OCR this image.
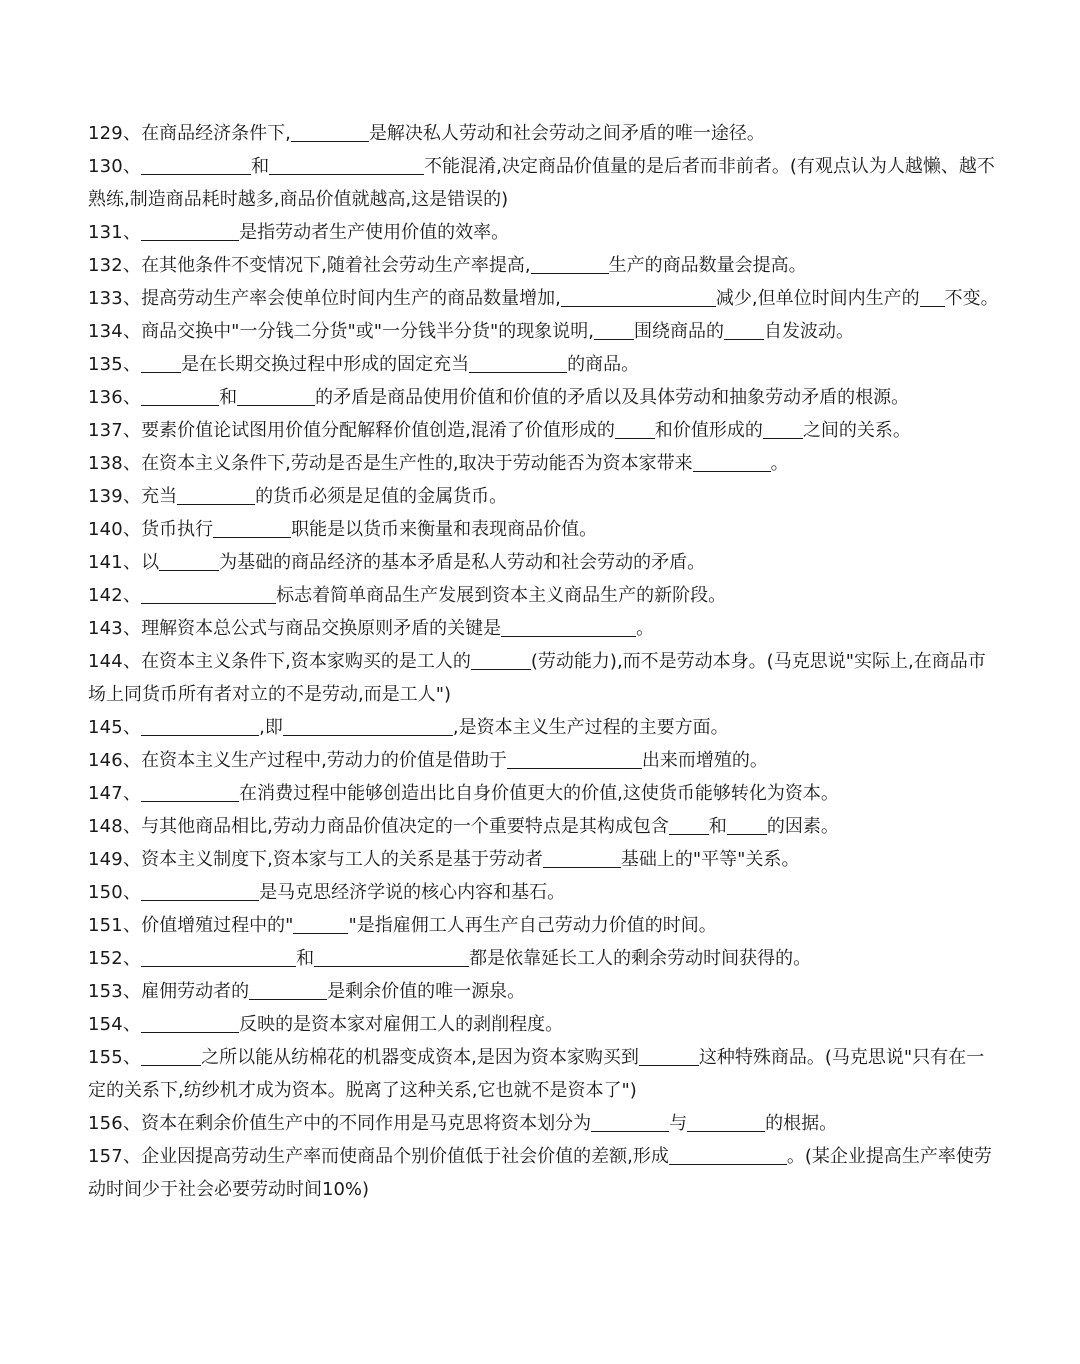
129、在商品经济条件下,	是解决私人劳动和社会劳动之间矛盾的唯一途径。

130、	和	不能混淆,决定商品价值量的是后者而非前者。(有观点认为人越懒、越不熟练,制造商品耗时越多,商品价值就越高,这是错误的)

131、	是指劳动者生产使用价值的效率。

132、在其他条件不变情况下,随着社会劳动生产率提高,	生产的商品数量会提高。

133、提高劳动生产率会使单位时间内生产的商品数量增加,	减少,但单位时间内生产的 不变。

134、商品交换中"一分钱二分货"或"一分钱半分货"的现象说明, 围绕商品的 自发波动。

135、 是在长期交换过程中形成的固定充当	的商品。

136、	和	的矛盾是商品使用价值和价值的矛盾以及具体劳动和抽象劳动矛盾的根源。

137、要素价值论试图用价值分配解释价值创造,混淆了价值形成的 和价值形成的 之间的关系。

138、在资本主义条件下,劳动是否是生产性的,取决于劳动能否为资本家带来	。

139、充当	的货币必须是足值的金属货币。

140、货币执行	职能是以货币来衡量和表现商品价值。

141、以	为基础的商品经济的基本矛盾是私人劳动和社会劳动的矛盾。

142、	标志着简单商品生产发展到资本主义商品生产的新阶段。

143、理解资本总公式与商品交换原则矛盾的关键是	。

144、在资本主义条件下,资本家购买的是工人的	(劳动能力),而不是劳动本身。(马克思说"实际上,在商品市场上同货币所有者对立的不是劳动,而是工人")

145、	,即	,是资本主义生产过程的主要方面。

146、在资本主义生产过程中,劳动力的价值是借助于	出来而增殖的。

147、	在消费过程中能够创造出比自身价值更大的价值,这使货币能够转化为资本。

148、与其他商品相比,劳动力商品价值决定的一个重要特点是其构成包含 和 的因素。

149、资本主义制度下,资本家与工人的关系是基于劳动者	基础上的"平等"关系。

150、	是马克思经济学说的核心内容和基石。

151、价值增殖过程中的"	"是指雇佣工人再生产自己劳动力价值的时间。

152、	和	都是依靠延长工人的剩余劳动时间获得的。

153、雇佣劳动者的	是剩余价值的唯一源泉。

154、	反映的是资本家对雇佣工人的剥削程度。

155、	之所以能从纺棉花的机器变成资本,是因为资本家购买到	这种特殊商品。(马克思说"只有在一定的关系下,纺纱机才成为资本。脱离了这种关系,它也就不是资本了")

156、资本在剩余价值生产中的不同作用是马克思将资本划分为	与	的根据。

157、企业因提高劳动生产率而使商品个别价值低于社会价值的差额,形成	。(某企业提高生产率使劳动时间少于社会必要劳动时间10%)
